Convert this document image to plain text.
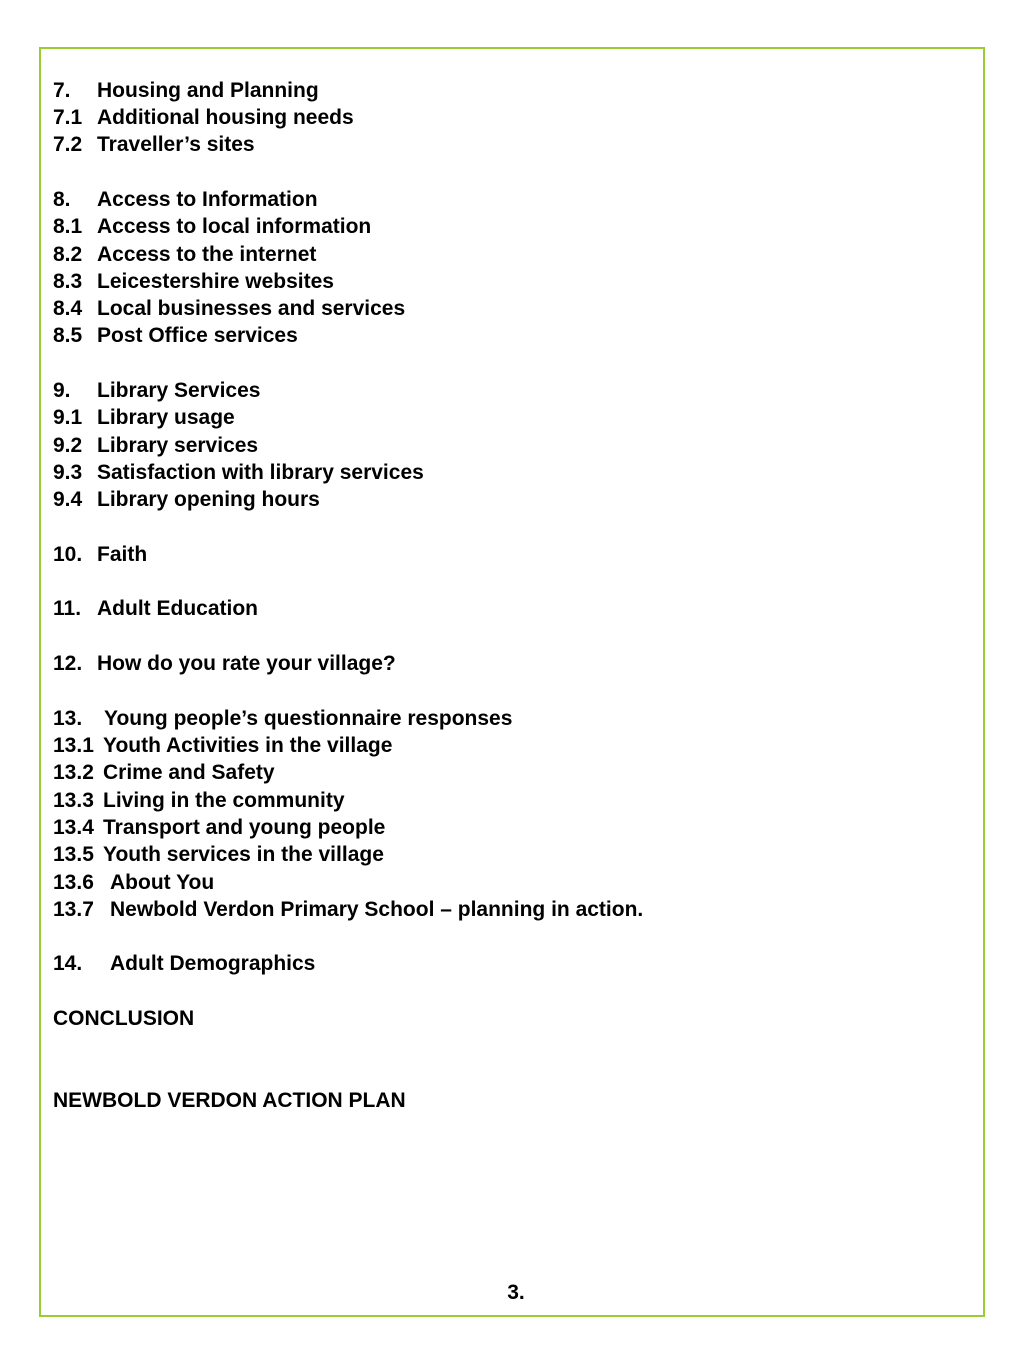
7. Housing and Planning
7.1 Additional housing needs
7.2 Traveller’s sites
8. Access to Information
8.1 Access to local information
8.2 Access to the internet
8.3 Leicestershire websites
8.4 Local businesses and services
8.5 Post Office services
9. Library Services
9.1 Library usage
9.2 Library services
9.3 Satisfaction with library services
9.4 Library opening hours
10. Faith
11. Adult Education
12. How do you rate your village?
13. Young people’s questionnaire responses
13.1 Youth Activities in the village
13.2 Crime and Safety
13.3 Living in the community
13.4 Transport and young people
13.5 Youth services in the village
13.6 About You
13.7 Newbold Verdon Primary School – planning in action.
14. Adult Demographics
CONCLUSION
NEWBOLD VERDON ACTION PLAN
3.
